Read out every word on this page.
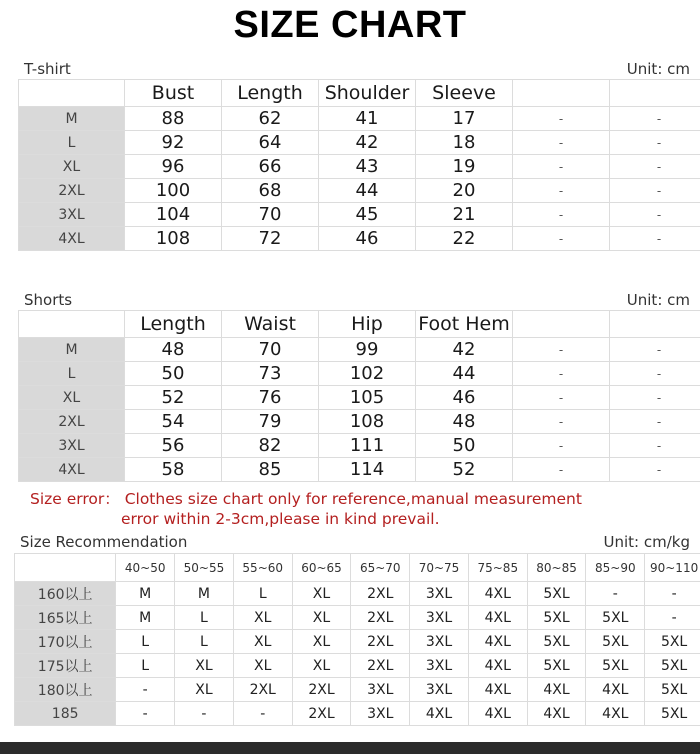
SIZE CHART
T-shirt	Unit: cm
	Bust	Length	Shoulder	Sleeve		
M	88	62	41	17	-	-
L	92	64	42	18	-	-
XL	96	66	43	19	-	-
2XL	100	68	44	20	-	-
3XL	104	70	45	21	-	-
4XL	108	72	46	22	-	-
Shorts	Unit: cm
	Length	Waist	Hip	Foot Hem		
M	48	70	99	42	-	-
L	50	73	102	44	-	-
XL	52	76	105	46	-	-
2XL	54	79	108	48	-	-
3XL	56	82	111	50	-	-
4XL	58	85	114	52	-	-
Size error： Clothes size chart only for reference,manual measurement
error within 2-3cm,please in kind prevail.
Size Recommendation	Unit: cm/kg
	40~50	50~55	55~60	60~65	65~70	70~75	75~85	80~85	85~90	90~110
160以上	M	M	L	XL	2XL	3XL	4XL	5XL	-	-
165以上	M	L	XL	XL	2XL	3XL	4XL	5XL	5XL	-
170以上	L	L	XL	XL	2XL	3XL	4XL	5XL	5XL	5XL
175以上	L	XL	XL	XL	2XL	3XL	4XL	5XL	5XL	5XL
180以上	-	XL	2XL	2XL	3XL	3XL	4XL	4XL	4XL	5XL
185	-	-	-	2XL	3XL	4XL	4XL	4XL	4XL	5XL
